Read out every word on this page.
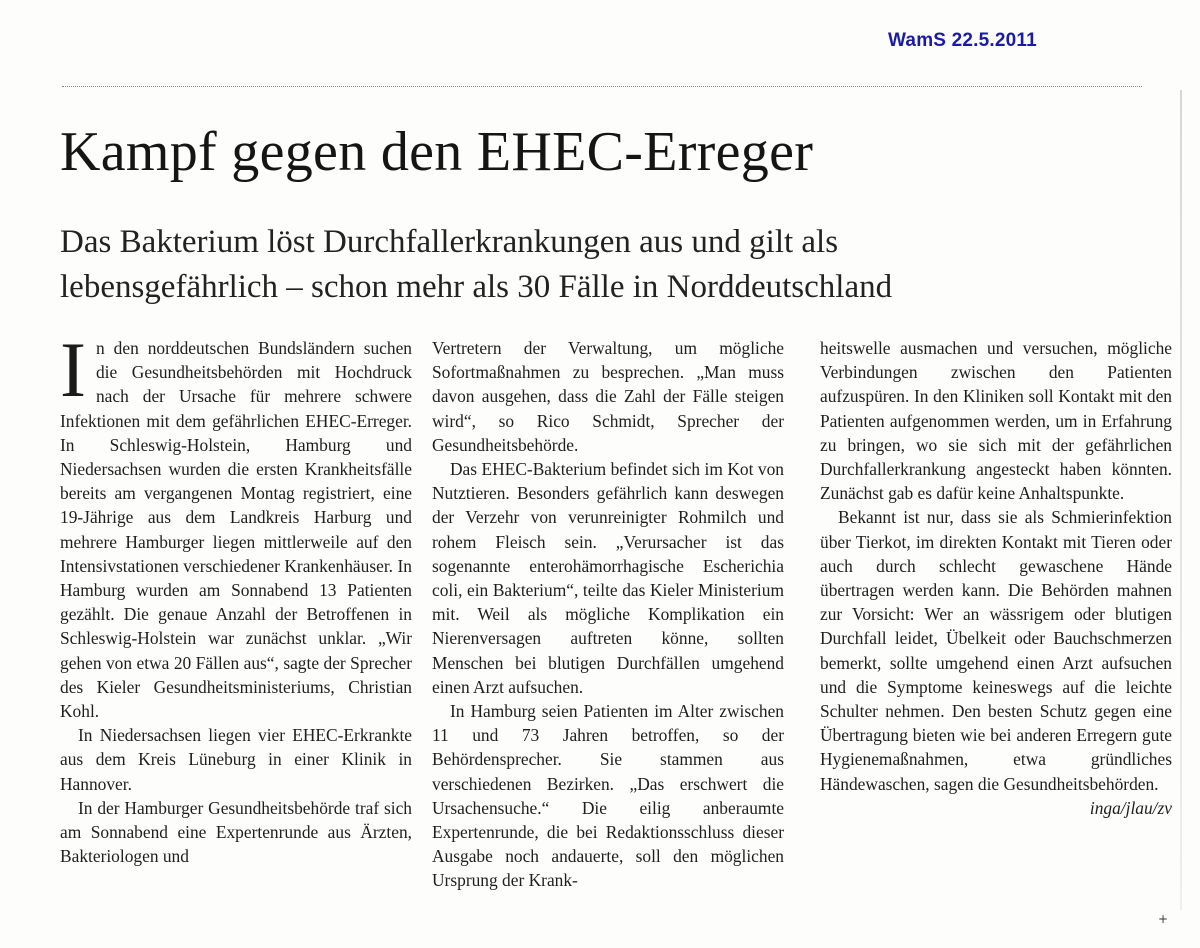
WamS 22.5.2011
Kampf gegen den EHEC-Erreger
Das Bakterium löst Durchfallerkrankungen aus und gilt als lebensgefährlich – schon mehr als 30 Fälle in Norddeutschland

In den norddeutschen Bundsländern suchen die Gesundheitsbehörden mit Hochdruck nach der Ursache für mehrere schwere Infektionen mit dem gefährlichen EHEC-Erreger. In Schleswig-Holstein, Hamburg und Niedersachsen wurden die ersten Krankheitsfälle bereits am vergangenen Montag registriert, eine 19-Jährige aus dem Landkreis Harburg und mehrere Hamburger liegen mittlerweile auf den Intensivstationen verschiedener Krankenhäuser. In Hamburg wurden am Sonnabend 13 Patienten gezählt. Die genaue Anzahl der Betroffenen in Schleswig-Holstein war zunächst unklar. „Wir gehen von etwa 20 Fällen aus“, sagte der Sprecher des Kieler Gesundheitsministeriums, Christian Kohl.

In Niedersachsen liegen vier EHEC-Erkrankte aus dem Kreis Lüneburg in einer Klinik in Hannover.

In der Hamburger Gesundheitsbehörde traf sich am Sonnabend eine Expertenrunde aus Ärzten, Bakteriologen und

Vertretern der Verwaltung, um mögliche Sofortmaßnahmen zu besprechen. „Man muss davon ausgehen, dass die Zahl der Fälle steigen wird“, so Rico Schmidt, Sprecher der Gesundheitsbehörde.

Das EHEC-Bakterium befindet sich im Kot von Nutztieren. Besonders gefährlich kann deswegen der Verzehr von verunreinigter Rohmilch und rohem Fleisch sein. „Verursacher ist das sogenannte enterohämorrhagische Escherichia coli, ein Bakterium“, teilte das Kieler Ministerium mit. Weil als mögliche Komplikation ein Nierenversagen auftreten könne, sollten Menschen bei blutigen Durchfällen umgehend einen Arzt aufsuchen.

In Hamburg seien Patienten im Alter zwischen 11 und 73 Jahren betroffen, so der Behördensprecher. Sie stammen aus verschiedenen Bezirken. „Das erschwert die Ursachensuche.“ Die eilig anberaumte Expertenrunde, die bei Redaktionsschluss dieser Ausgabe noch andauerte, soll den möglichen Ursprung der Krank-

heitswelle ausmachen und versuchen, mögliche Verbindungen zwischen den Patienten aufzuspüren. In den Kliniken soll Kontakt mit den Patienten aufgenommen werden, um in Erfahrung zu bringen, wo sie sich mit der gefährlichen Durchfallerkrankung angesteckt haben könnten. Zunächst gab es dafür keine Anhaltspunkte.

Bekannt ist nur, dass sie als Schmierinfektion über Tierkot, im direkten Kontakt mit Tieren oder auch durch schlecht gewaschene Hände übertragen werden kann. Die Behörden mahnen zur Vorsicht: Wer an wässrigem oder blutigen Durchfall leidet, Übelkeit oder Bauchschmerzen bemerkt, sollte umgehend einen Arzt aufsuchen und die Symptome keineswegs auf die leichte Schulter nehmen. Den besten Schutz gegen eine Übertragung bieten wie bei anderen Erregern gute Hygienemaßnahmen, etwa gründliches Händewaschen, sagen die Gesundheitsbehörden.
inga/jlau/zv

+
